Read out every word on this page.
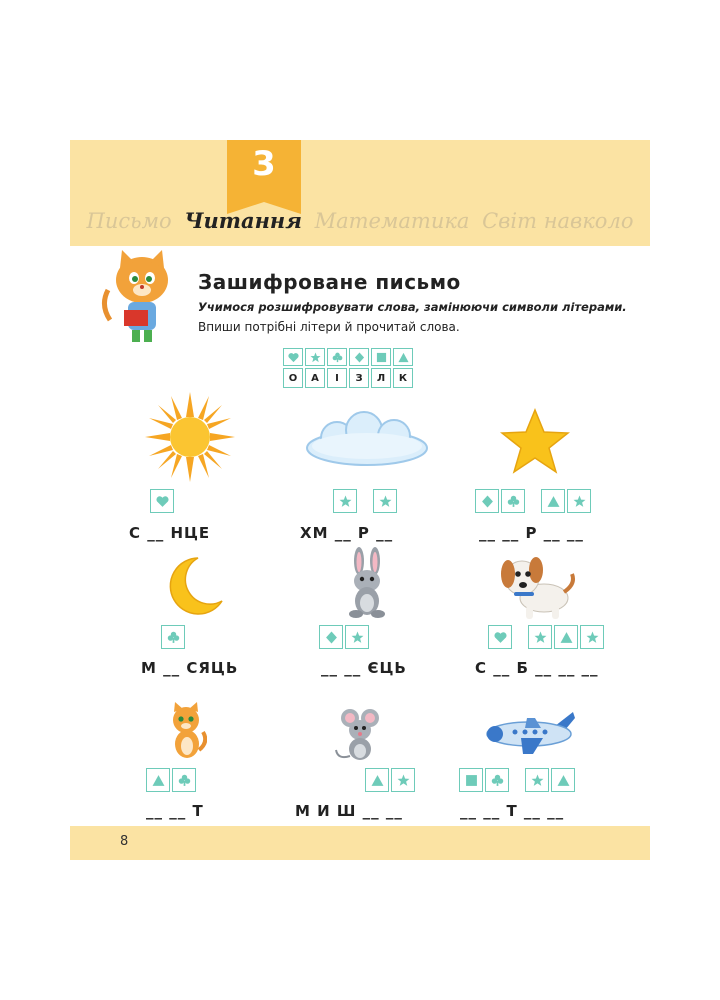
3
Письмо Читання Математика Світ навколо
Зашифроване письмо
Учимося розшифровувати слова, замінюючи символи літерами.
Впиши потрібні літери й прочитай слова.
О	А	І	З	Л	К
С __ НЦЕ	ХМ __ Р __	__ __ Р __ __
М __ СЯЦЬ	__ __ ЄЦЬ	С __ Б __ __ __
__ __ Т	М И Ш __ __	__ __ Т __ __
8
